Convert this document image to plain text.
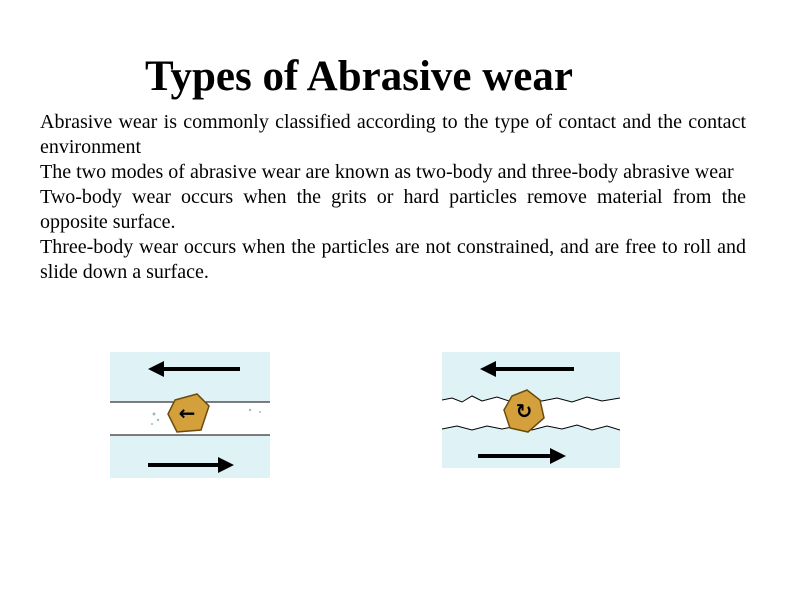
Types of Abrasive wear

Abrasive wear is commonly classified according to the type of contact and the contact environment

The two modes of abrasive wear are known as two-body and three-body abrasive wear

Two-body wear occurs when the grits or hard particles remove material from the opposite surface.

Three-body wear occurs when the particles are not constrained, and are free to roll and slide down a surface.

←	↻
